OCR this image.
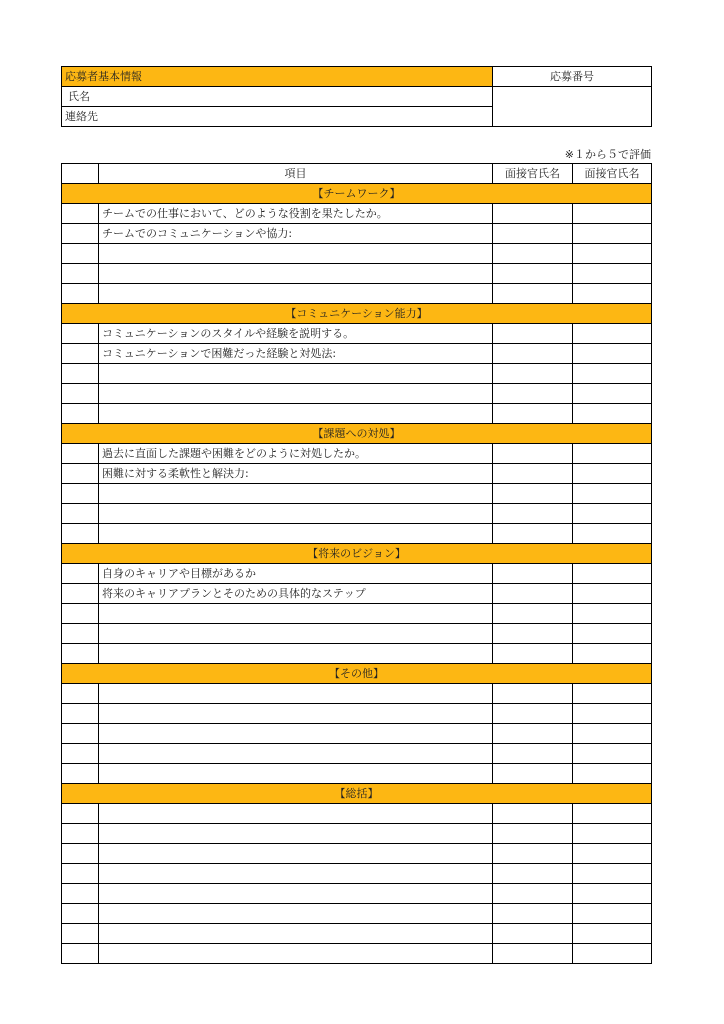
応募者基本情報	応募番号
氏名	
連絡先	
※１から５で評価
	項目	面接官氏名	面接官氏名
【チームワーク】			
	チームでの仕事において、どのような役割を果たしたか。		
	チームでのコミュニケーションや協力:		

【コミュニケーション能力】			
	コミュニケーションのスタイルや経験を説明する。		
	コミュニケーションで困難だった経験と対処法:		

【課題への対処】			
	過去に直面した課題や困難をどのように対処したか。		
	困難に対する柔軟性と解決力:		

【将来のビジョン】			
	自身のキャリアや目標があるか		
	将来のキャリアプランとそのための具体的なステップ		

【その他】			

【総括】			
